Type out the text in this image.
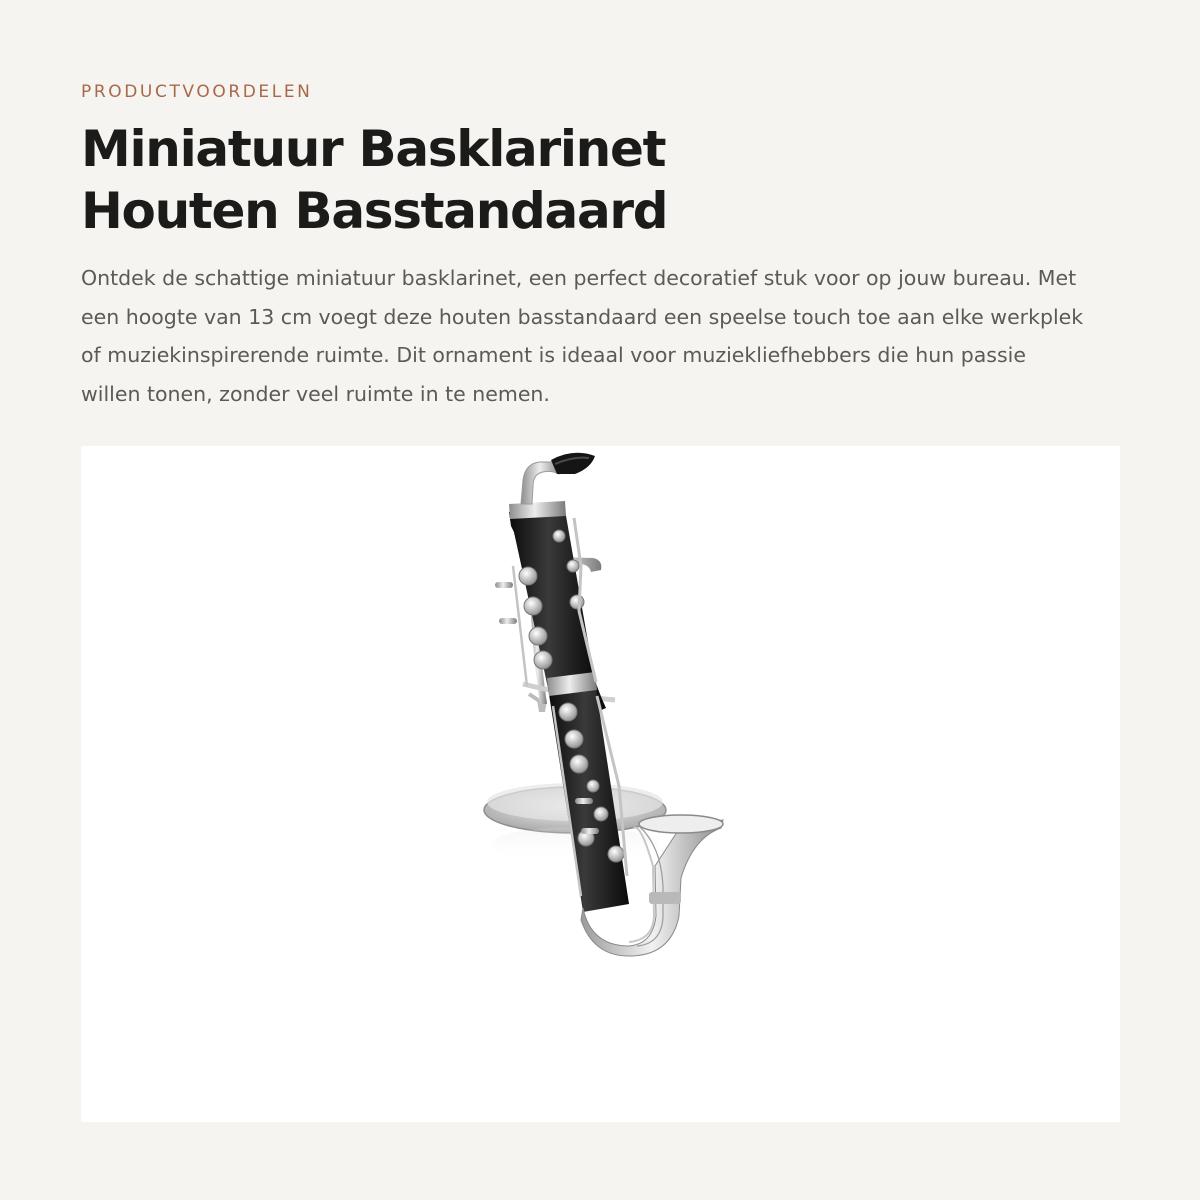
PRODUCTVOORDELEN
Miniatuur Basklarinet
Houten Basstandaard

Ontdek de schattige miniatuur basklarinet, een perfect decoratief stuk voor op jouw bureau. Met een hoogte van 13 cm voegt deze houten basstandaard een speelse touch toe aan elke werkplek of muziekinspirerende ruimte. Dit ornament is ideaal voor muziekliefhebbers die hun passie willen tonen, zonder veel ruimte in te nemen.
